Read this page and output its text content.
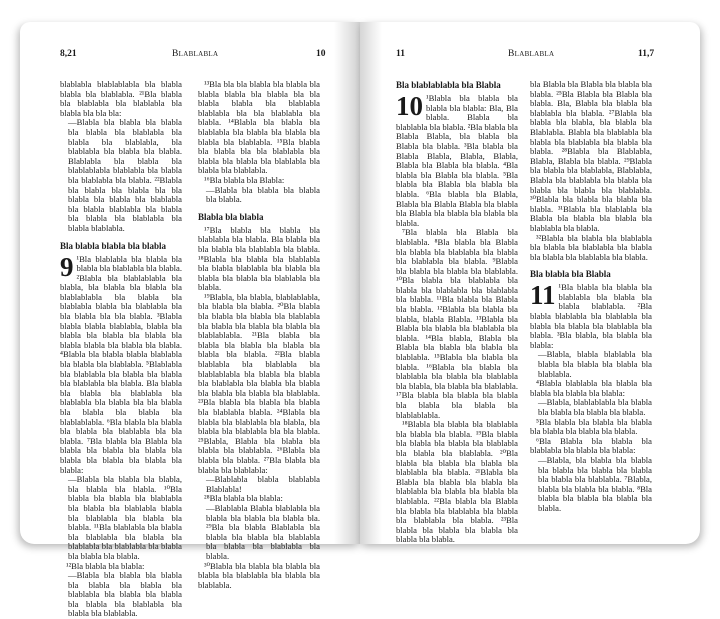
8,21	Blablabla	10

blablabla blablablabla bla blabla blabla bla blablabla. ²¹Bla blabla bla blablabla bla blablabla bla blabla bla bla bla:

—Blabla bla blabla bla blabla bla blabla bla blablabla bla blabla bla blablabla, bla blablabla bla blabla bla blabla. Blablabla bla blabla bla blablablabla blablabla bla blabla bla blablabla bla blabla. ²²Blabla bla blabla bla blabla bla bla blabla bla blabla bla blablabla bla blabla blablabla bla blabla bla blabla bla blablabla bla blabla blablabla.

Bla blabla blabla bla blabla

9 ¹Bla blablabla bla blabla bla blabla bla blablabla bla blabla. ²Blabla bla blablablabla bla blabla, bla blabla bla blabla bla blablablabla bla blabla bla blablabla blabla bla blablabla bla bla blabla bla bla blabla. ³Blabla blabla blabla blablabla, blabla bla blabla bla blabla bla blabla bla blabla blabla bla blabla bla blabla. ⁴Blabla bla blabla blabla blablabla bla blabla bla blablabla. ⁵Blablabla bla blablabla bla blabla bla blabla bla blablabla bla blabla. Bla blabla bla blabla bla blablabla bla blablabla bla blabla bla bla blabla bla blabla bla blabla bla blablablabla. ⁶Bla blabla bla blabla bla blabla bla blablabla bla bla blabla. ⁷Bla blabla bla Blabla bla blabla bla blabla bla blabla bla blabla bla blabla bla blabla bla blabla:

—Blabla bla blabla bla blabla, bla blabla bla blabla. ¹⁰Bla blabla bla blabla bla blablabla bla blabla bla blablabla blabla bla blablabla bla blabla bla blabla. ¹¹Bla blablabla bla blabla bla blablabla bla blabla bla blablabla bla blablabla bla blabla bla blabla bla blabla.

¹²Bla blabla bla blabla:

—Blabla bla blabla bla blabla bla blabla bla blabla bla blablabla bla blabla bla blabla bla blabla bla blablabla bla blabla bla blablabla.

¹³Bla bla bla blabla bla blabla bla blabla blabla bla blabla bla bla blabla blabla bla blablabla blablabla bla bla blablabla bla blabla. ¹⁴Blabla bla blabla bla blablabla bla blabla bla blabla bla blabla bla blablabla. ¹⁵Bla blabla bla blabla bla bla blablabla bla blabla bla blabla bla blablabla bla blabla bla blablabla.

¹⁶Bla blabla bla Blabla:

—Blabla bla blabla bla blabla bla blabla.

Blabla bla blabla

¹⁷Bla blabla bla blabla bla blablabla bla blabla. Bla blabla bla bla blabla bla blablabla bla blabla. ¹⁸Blabla bla blabla bla blablabla bla blabla blablabla bla blabla bla blabla bla blabla bla blablabla bla blabla.

¹⁹Blabla, bla blabla, blablablabla, bla blabla bla blabla. ²⁰Bla blabla bla blabla bla blabla bla blablabla bla blabla bla blabla bla blabla bla blablablabla. ²¹Bla blabla bla blabla bla blabla bla blabla bla blabla bla blabla. ²²Bla blabla blablabla bla blablabla bla blablablabla bla blabla bla blabla bla blablabla bla blabla bla blabla bla blabla bla blabla bla blablabla. ²³Bla blabla bla blabla bla blabla bla blablabla blabla. ²⁴Blabla bla blabla bla blablabla bla blabla, bla blabla bla blablabla bla bla blabla. ²⁵Blabla, Blabla bla blabla bla blabla bla blablabla. ²⁶Blabla bla blabla bla blabla. ²⁷Bla blabla bla blabla bla blablabla:

—Blablabla blabla blablabla Blablabla!

²⁸Bla blabla bla blabla:

—Blablabla Blabla blablabla bla blabla bla blabla bla blabla bla. ²⁹Bla bla blabla Blablabla bla blabla bla blabla bla blablabla bla blabla bla blablabla bla blabla.

³⁰Blabla bla blabla bla blabla bla blabla bla blablabla bla blabla bla blablabla.

11	Blablabla	11,7
Bla blablablabla bla Blabla

10 ¹Blabla bla blabla bla blabla bla blabla: Bla, Bla blabla. Blabla bla blablabla bla blabla. ²Bla blabla bla Blabla Blabla, bla blabla bla Blabla bla blabla. ³Bla blabla bla Blabla Blabla, Blabla, Blabla, Blabla bla Blabla bla blabla. ⁴Bla blabla bla Blabla bla blabla. ⁵Bla blabla bla Blabla bla blabla bla blabla. ⁶Bla blabla bla Blabla, Blabla bla Blabla Blabla bla blabla bla Blabla bla blabla bla blabla bla blabla.

⁷Bla blabla bla Blabla bla blablabla. ⁸Bla blabla bla Blabla bla blabla bla blablabla bla blabla bla blablabla bla blabla. ⁹Blabla bla blabla bla blabla bla blablabla. ¹⁰Bla blabla bla blablabla bla blabla bla blablabla bla blablabla bla blabla. ¹¹Bla blabla bla Blabla bla blabla. ¹²Blabla bla blabla bla blabla, blabla Blabla. ¹³Blabla bla Blabla bla blabla bla blablabla bla blabla. ¹⁴Bla blabla, Blabla bla Blabla bla blabla bla blabla bla blablabla. ¹⁵Blabla bla blabla bla blabla. ¹⁶Blabla bla blabla bla blablabla bla blabla bla blablabla bla blabla, bla blabla bla blablabla. ¹⁷Bla blabla bla blabla bla blabla bla blabla bla blabla bla blablablabla.

¹⁸Blabla bla blabla bla blablabla bla blabla bla blabla. ¹⁹Bla blabla bla blabla bla blabla bla blablabla bla blabla bla blablabla. ²⁰Bla blabla bla blabla bla blabla bla blablabla bla blabla. ²¹Blabla bla Blabla bla blabla bla blabla bla blablabla bla blabla bla blabla bla blablabla. ²²Bla blabla bla Blabla bla blabla bla blablabla bla blabla bla blablabla bla blabla. ²³Bla blabla bla blabla bla blabla bla blabla bla blabla.

bla Blabla bla Blabla bla blabla bla blabla. ²⁵Bla Blabla bla Blabla bla blabla. Bla, Blabla bla blabla bla blablabla bla blabla. ²⁷Blabla bla blabla bla blabla, bla blabla bla Blablabla. Blabla bla blablabla bla blabla bla blablabla bla blabla bla blabla. ²⁸Blabla bla Blablabla, Blabla, Blabla bla blabla. ²⁹Blabla bla blabla bla blablabla, Blablabla, Blabla bla blablabla bla blabla bla blabla bla blabla bla blablabla. ³⁰Blabla bla blabla bla blabla bla blabla. ³¹Blabla bla blablabla bla Blabla bla blabla bla blabla bla blablabla bla blabla.

³²Blabla bla blabla bla blablabla bla blabla bla blablabla bla blabla bla blabla bla blablabla bla blabla.

Bla blabla bla Blabla

11 ¹Bla blabla bla blabla bla blablabla bla blabla bla blabla blablabla. ²Bla blabla blablabla bla blablabla bla blabla bla blabla bla blablabla bla blabla. ³Bla blabla, bla blabla bla blabla:

—Blabla, blabla blablabla bla blabla bla blabla bla blabla bla blablabla.

⁴Blabla blablabla bla blabla bla blabla bla blabla bla blabla:

—Blabla, blablablabla bla blabla bla blabla bla blabla bla blabla.

⁵Bla blabla bla blabla bla blabla bla blabla bla blabla bla blabla.

⁶Bla Blabla bla blabla bla blablabla bla blabla bla blabla:

—Blabla, bla blabla bla blabla bla blabla bla blabla bla blabla bla blabla bla blablabla. ⁷Blabla, blabla bla blabla bla blabla. ⁸Bla blabla bla blabla bla blabla bla blabla.
